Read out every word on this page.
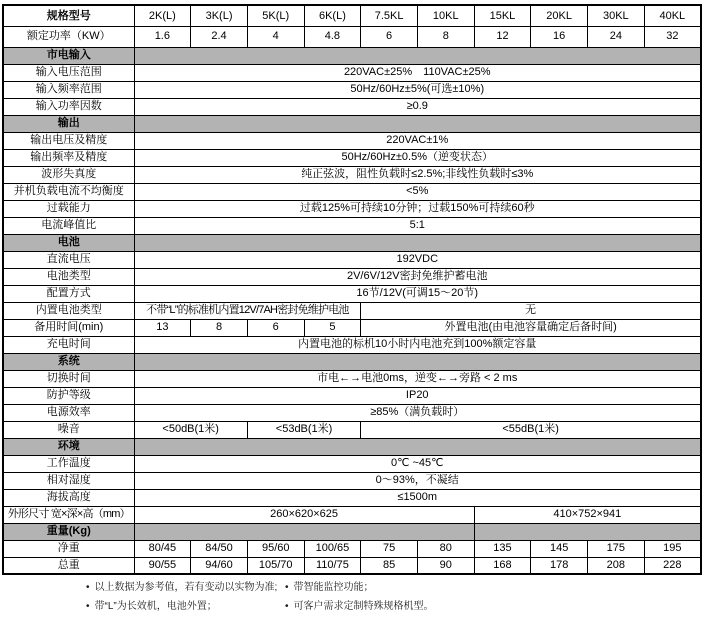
规格型号	2K(L)	3K(L)	5K(L)	6K(L)	7.5KL	10KL	15KL	20KL	30KL	40KL
额定功率（KW）	1.6	2.4	4	4.8	6	8	12	16	24	32
市电输入										
输入电压范围	220VAC±25%　110VAC±25%									
输入频率范围	50Hz/60Hz±5%(可选±10%)									
输入功率因数	≥0.9									
输出										
输出电压及精度	220VAC±1%									
输出频率及精度	50Hz/60Hz±0.5%（逆变状态）									
波形失真度	纯正弦波，阻性负载时≤2.5%;非线性负载时≤3%									
并机负载电流不均衡度	<5%									
过载能力	过载125%可持续10分钟；过载150%可持续60秒									
电流峰值比	5:1									
电池										
直流电压	192VDC									
电池类型	2V/6V/12V密封免维护蓄电池									
配置方式	16节/12V(可调15～20节)									
内置电池类型	不带“L”的标准机内置12V/7AH密封免维护电池				无					
备用时间(min)	13	8	6	5	外置电池(由电池容量确定后备时间)					
充电时间	内置电池的标机10小时内电池充到100%额定容量									
系统										
切换时间	市电←→电池0ms，逆变←→旁路 < 2 ms									
防护等级	IP20									
电源效率	≥85%（满负载时）									
噪音	<50dB(1米)		<53dB(1米)		<55dB(1米)					
环境										
工作温度	0℃ ~45℃									
相对湿度	0～93%，不凝结									
海拔高度	≤1500m									
外形尺寸 宽×深×高（mm）	260×620×625						410×752×941			
重量(Kg)										
净重	80/45	84/50	95/60	100/65	75	80	135	145	175	195
总重	90/55	94/60	105/70	110/75	85	90	168	178	208	228
• 以上数据为参考值，若有变动以实物为准;
• 带“L”为长效机，电池外置；
• 带智能监控功能；
• 可客户需求定制特殊规格机型。
